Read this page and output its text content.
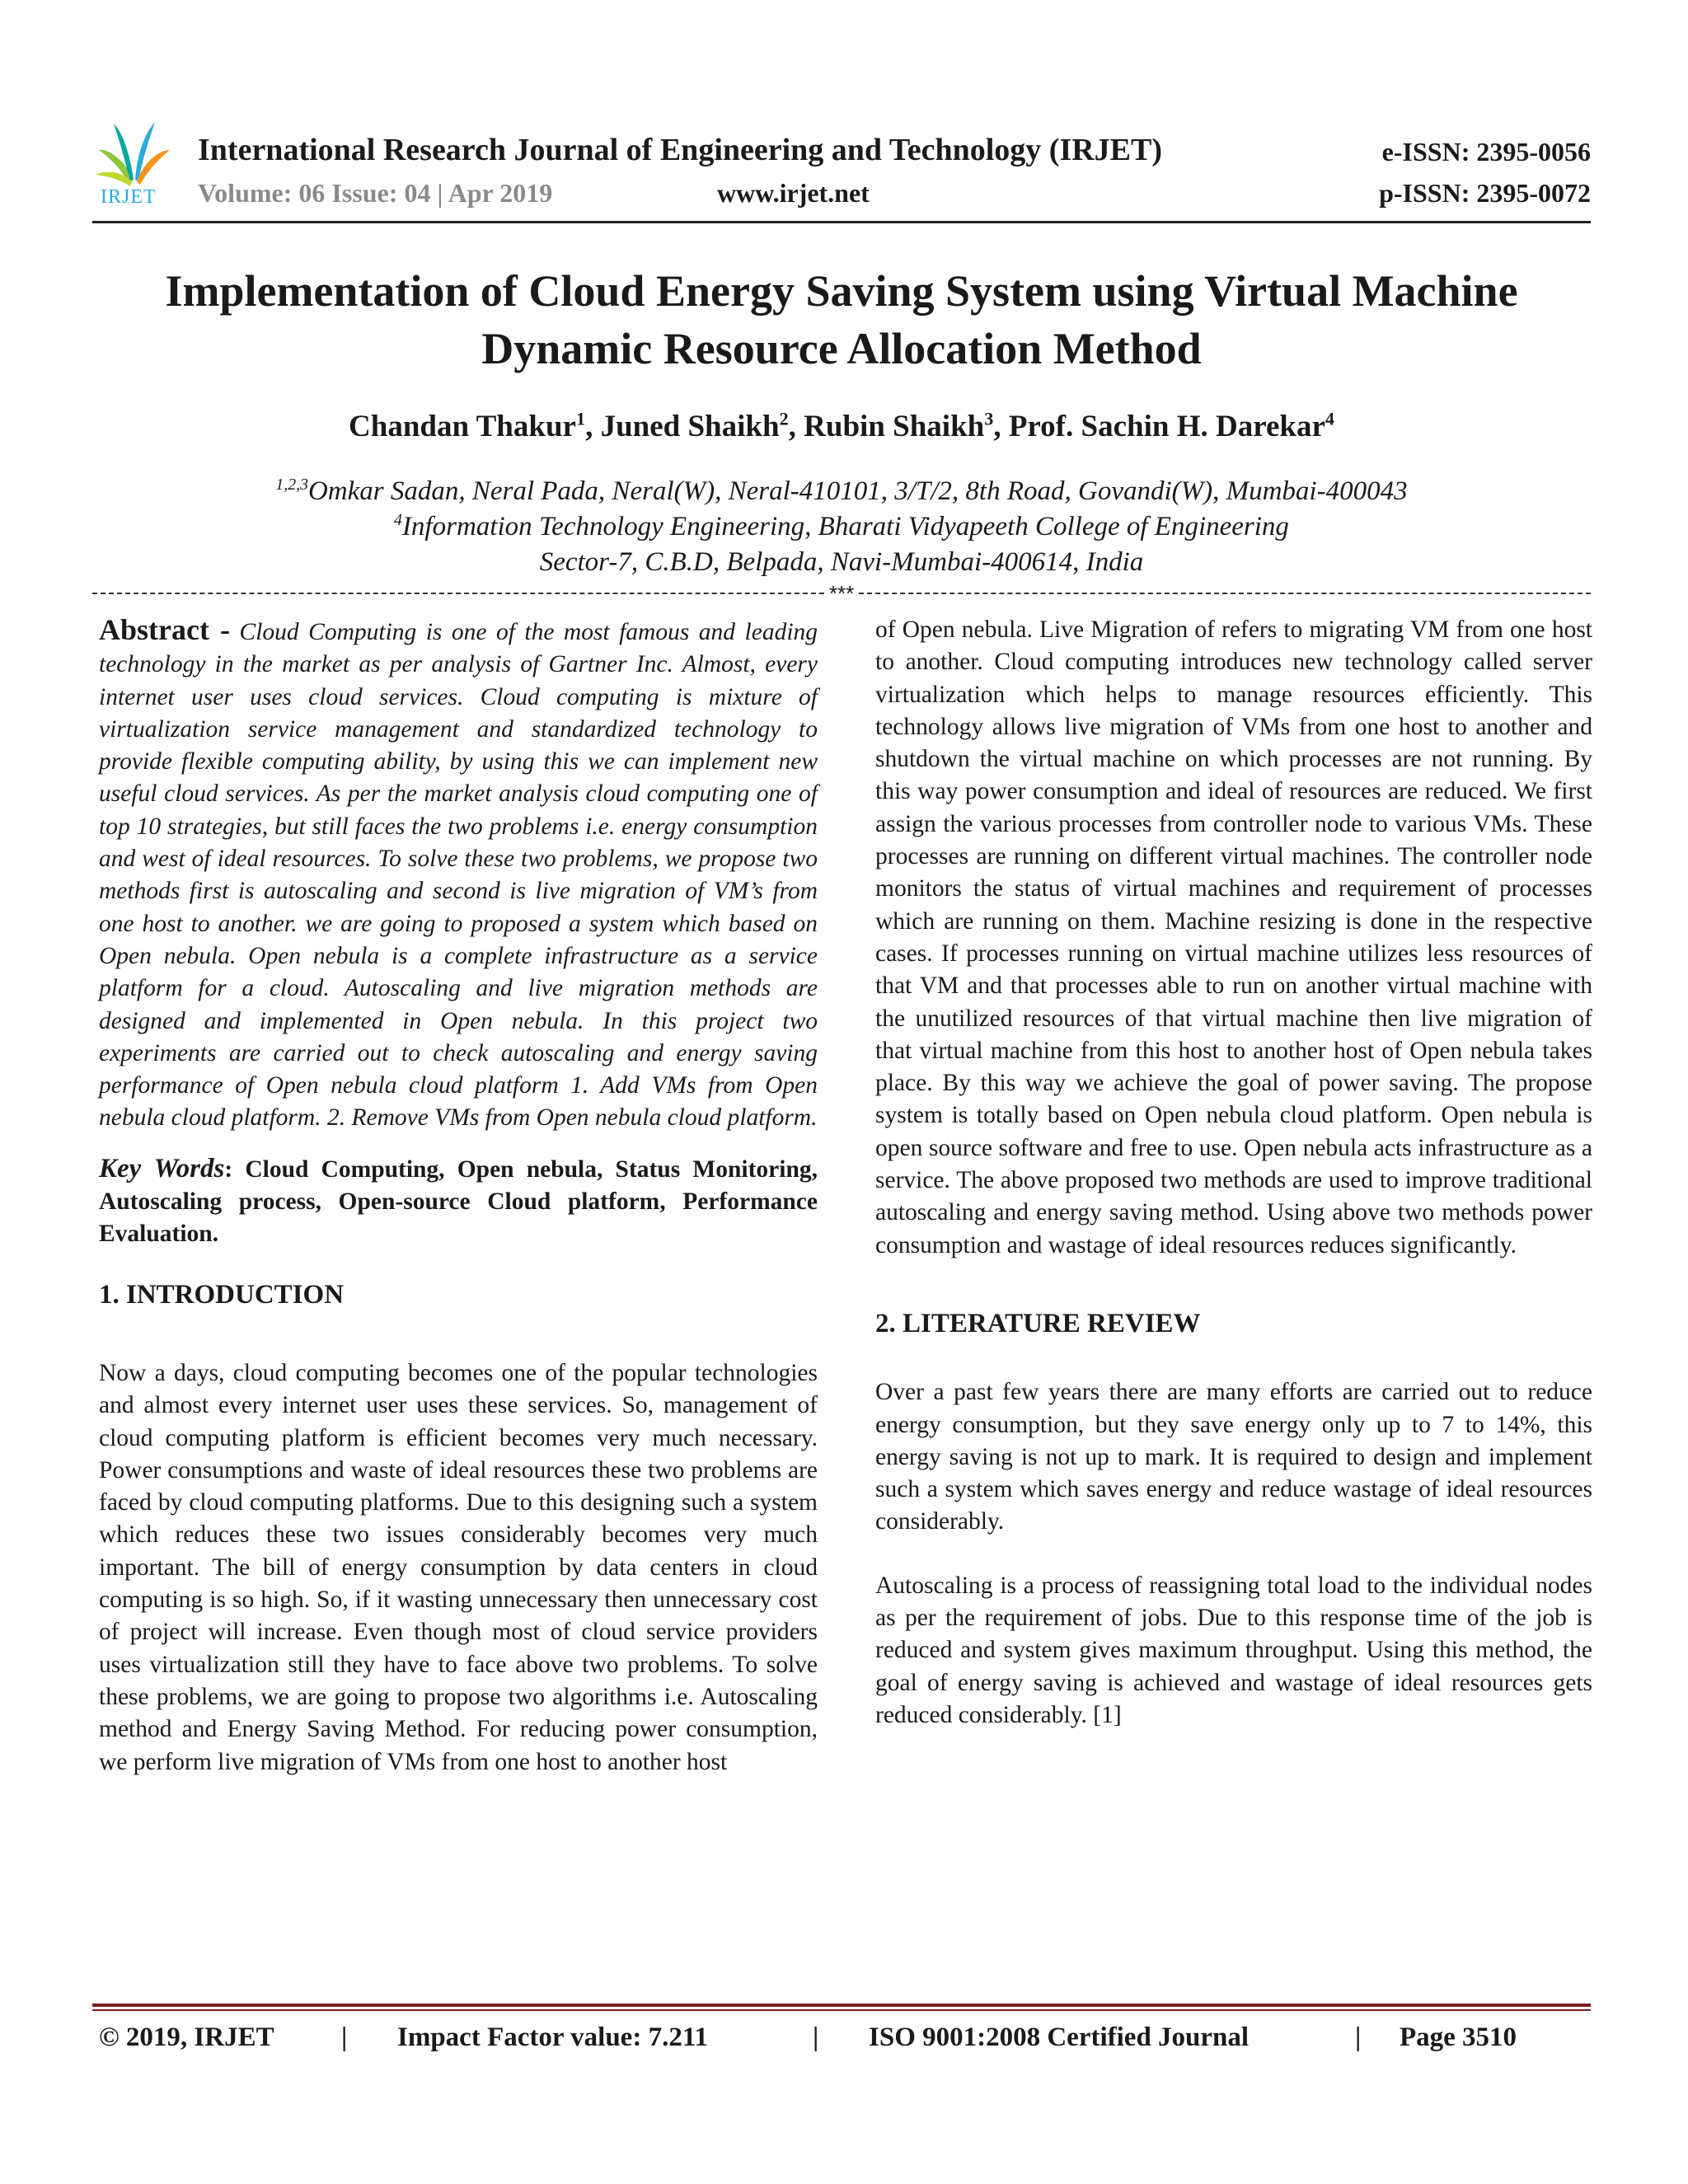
IRJET
International Research Journal of Engineering and Technology (IRJET)
Volume: 06 Issue: 04 | Apr 2019	www.irjet.net
e-ISSN: 2395-0056
p-ISSN: 2395-0072
Implementation of Cloud Energy Saving System using Virtual Machine
Dynamic Resource Allocation Method
Chandan Thakur$^1$, Juned Shaikh$^2$, Rubin Shaikh$^3$, Prof. Sachin H. Darekar$^4$
$^{1,2,3}$Omkar Sadan, Neral Pada, Neral(W), Neral-410101, 3/T/2, 8th Road, Govandi(W), Mumbai-400043
$^4$Information Technology Engineering, Bharati Vidyapeeth College of Engineering
Sector-7, C.B.D, Belpada, Navi-Mumbai-400614, India
***

Abstract - Cloud Computing is one of the most famous and leading technology in the market as per analysis of Gartner Inc. Almost, every internet user uses cloud services. Cloud computing is mixture of virtualization service management and standardized technology to provide flexible computing ability, by using this we can implement new useful cloud services. As per the market analysis cloud computing one of top 10 strategies, but still faces the two problems i.e. energy consumption and west of ideal resources. To solve these two problems, we propose two methods first is autoscaling and second is live migration of VM’s from one host to another. we are going to proposed a system which based on Open nebula. Open nebula is a complete infrastructure as a service platform for a cloud. Autoscaling and live migration methods are designed and implemented in Open nebula. In this project two experiments are carried out to check autoscaling and energy saving performance of Open nebula cloud platform 1. Add VMs from Open nebula cloud platform. 2. Remove VMs from Open nebula cloud platform.

Key Words: Cloud Computing, Open nebula, Status Monitoring, Autoscaling process, Open-source Cloud platform, Performance Evaluation.

1. INTRODUCTION

Now a days, cloud computing becomes one of the popular technologies and almost every internet user uses these services. So, management of cloud computing platform is efficient becomes very much necessary. Power consumptions and waste of ideal resources these two problems are faced by cloud computing platforms. Due to this designing such a system which reduces these two issues considerably becomes very much important. The bill of energy consumption by data centers in cloud computing is so high. So, if it wasting unnecessary then unnecessary cost of project will increase. Even though most of cloud service providers uses virtualization still they have to face above two problems. To solve these problems, we are going to propose two algorithms i.e. Autoscaling method and Energy Saving Method. For reducing power consumption, we perform live migration of VMs from one host to another host

of Open nebula. Live Migration of refers to migrating VM from one host to another. Cloud computing introduces new technology called server virtualization which helps to manage resources efficiently. This technology allows live migration of VMs from one host to another and shutdown the virtual machine on which processes are not running. By this way power consumption and ideal of resources are reduced. We first assign the various processes from controller node to various VMs. These processes are running on different virtual machines. The controller node monitors the status of virtual machines and requirement of processes which are running on them. Machine resizing is done in the respective cases. If processes running on virtual machine utilizes less resources of that VM and that processes able to run on another virtual machine with the unutilized resources of that virtual machine then live migration of that virtual machine from this host to another host of Open nebula takes place. By this way we achieve the goal of power saving. The propose system is totally based on Open nebula cloud platform. Open nebula is open source software and free to use. Open nebula acts infrastructure as a service. The above proposed two methods are used to improve traditional autoscaling and energy saving method. Using above two methods power consumption and wastage of ideal resources reduces significantly.

2. LITERATURE REVIEW

Over a past few years there are many efforts are carried out to reduce energy consumption, but they save energy only up to 7 to 14%, this energy saving is not up to mark. It is required to design and implement such a system which saves energy and reduce wastage of ideal resources considerably.

Autoscaling is a process of reassigning total load to the individual nodes as per the requirement of jobs. Due to this response time of the job is reduced and system gives maximum throughput. Using this method, the goal of energy saving is achieved and wastage of ideal resources gets reduced considerably. [1]

© 2019, IRJET | Impact Factor value: 7.211	| ISO 9001:2008 Certified Journal	| Page 3510
